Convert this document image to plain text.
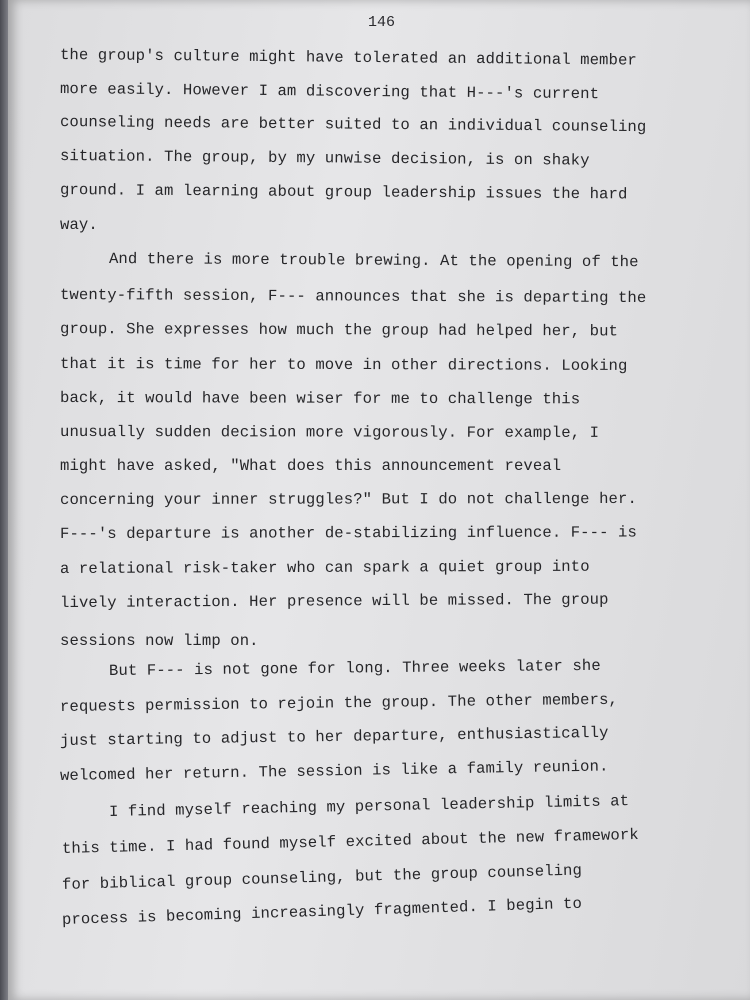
146
the group's culture might have tolerated an additional member
more easily. However I am discovering that H---'s current
counseling needs are better suited to an individual counseling
situation. The group, by my unwise decision, is on shaky
ground. I am learning about group leadership issues the hard
way.
And there is more trouble brewing. At the opening of the
twenty-fifth session, F--- announces that she is departing the
group. She expresses how much the group had helped her, but
that it is time for her to move in other directions. Looking
back, it would have been wiser for me to challenge this
unusually sudden decision more vigorously. For example, I
might have asked, "What does this announcement reveal
concerning your inner struggles?" But I do not challenge her.
F---'s departure is another de-stabilizing influence. F--- is
a relational risk-taker who can spark a quiet group into
lively interaction. Her presence will be missed. The group
sessions now limp on.
But F--- is not gone for long. Three weeks later she
requests permission to rejoin the group. The other members,
just starting to adjust to her departure, enthusiastically
welcomed her return. The session is like a family reunion.
I find myself reaching my personal leadership limits at
this time. I had found myself excited about the new framework
for biblical group counseling, but the group counseling
process is becoming increasingly fragmented. I begin to
